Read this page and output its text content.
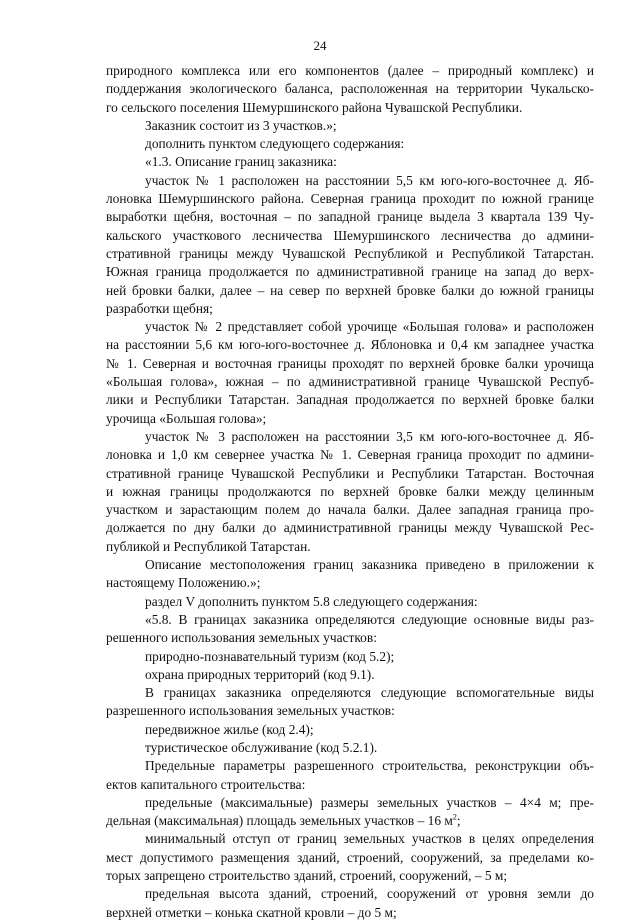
24
природного комплекса или его компонентов (далее – природный комплекс) и
поддержания экологического баланса, расположенная на территории Чукальско-
го сельского поселения Шемуршинского района Чувашской Республики.
Заказник состоит из 3 участков.»;
дополнить пунктом следующего содержания:
«1.3. Описание границ заказника:
участок № 1 расположен на расстоянии 5,5 км юго-юго-восточнее д. Яб-
лоновка Шемуршинского района. Северная граница проходит по южной границе
выработки щебня, восточная – по западной границе выдела 3 квартала 139 Чу-
кальского участкового лесничества Шемуршинского лесничества до админи-
стративной границы между Чувашской Республикой и Республикой Татарстан.
Южная граница продолжается по административной границе на запад до верх-
ней бровки балки, далее – на север по верхней бровке балки до южной границы
разработки щебня;
участок № 2 представляет собой урочище «Большая голова» и расположен
на расстоянии 5,6 км юго-юго-восточнее д. Яблоновка и 0,4 км западнее участка
№ 1. Северная и восточная границы проходят по верхней бровке балки урочища
«Большая голова», южная – по административной границе Чувашской Респуб-
лики и Республики Татарстан. Западная продолжается по верхней бровке балки
урочища «Большая голова»;
участок № 3 расположен на расстоянии 3,5 км юго-юго-восточнее д. Яб-
лоновка и 1,0 км севернее участка № 1. Северная граница проходит по админи-
стративной границе Чувашской Республики и Республики Татарстан. Восточная
и южная границы продолжаются по верхней бровке балки между целинным
участком и зарастающим полем до начала балки. Далее западная граница про-
должается по дну балки до административной границы между Чувашской Рес-
публикой и Республикой Татарстан.
Описание местоположения границ заказника приведено в приложении к
настоящему Положению.»;
раздел V дополнить пунктом 5.8 следующего содержания:
«5.8. В границах заказника определяются следующие основные виды раз-
решенного использования земельных участков:
природно-познавательный туризм (код 5.2);
охрана природных территорий (код 9.1).
В границах заказника определяются следующие вспомогательные виды
разрешенного использования земельных участков:
передвижное жилье (код 2.4);
туристическое обслуживание (код 5.2.1).
Предельные параметры разрешенного строительства, реконструкции объ-
ектов капитального строительства:
предельные (максимальные) размеры земельных участков – 4×4 м; пре-
дельная (максимальная) площадь земельных участков – 16 $м^2$;
минимальный отступ от границ земельных участков в целях определения
мест допустимого размещения зданий, строений, сооружений, за пределами ко-
торых запрещено строительство зданий, строений, сооружений, – 5 м;
предельная высота зданий, строений, сооружений от уровня земли до
верхней отметки – конька скатной кровли – до 5 м;
